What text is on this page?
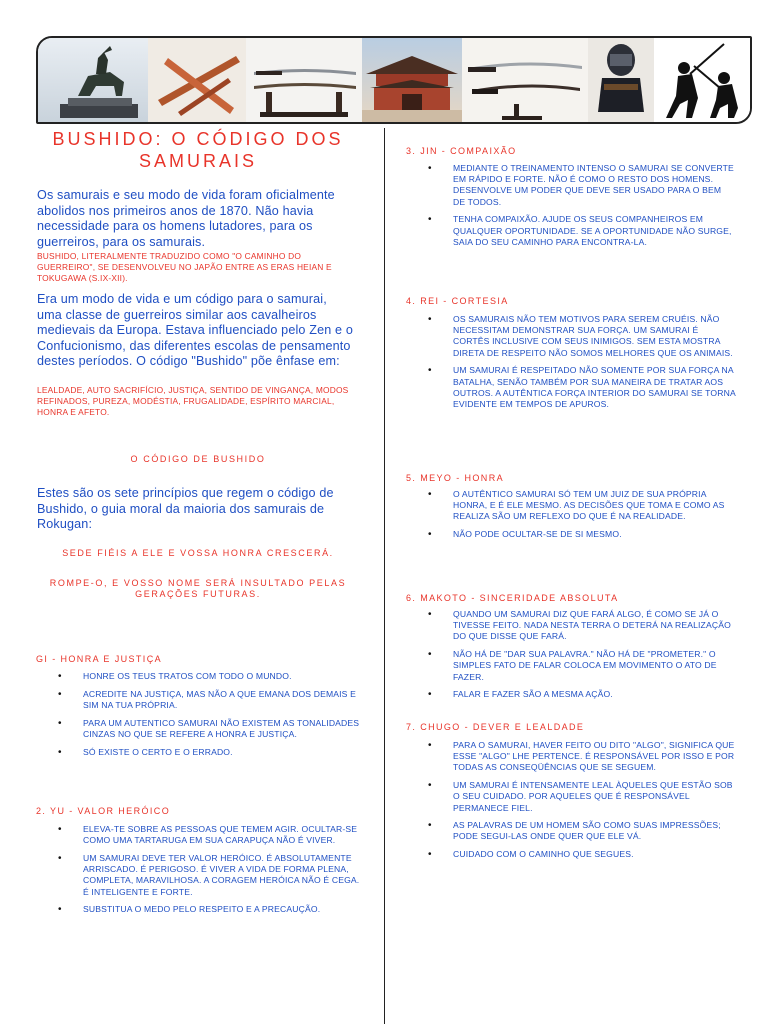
BUSHIDO: O CÓDIGO DOS SAMURAIS

Os samurais e seu modo de vida foram oficialmente abolidos nos primeiros anos de 1870. Não havia necessidade para os homens lutadores, para os guerreiros, para os samurais.

BUSHIDO, LITERALMENTE TRADUZIDO COMO "O CAMINHO DO GUERREIRO", SE DESENVOLVEU NO JAPÃO ENTRE AS ERAS HEIAN E TOKUGAWA (S.IX-XII).

Era um modo de vida e um código para o samurai, uma classe de guerreiros similar aos cavalheiros medievais da Europa. Estava influenciado pelo Zen e o Confucionismo, das diferentes escolas de pensamento destes períodos. O código "Bushido" põe ênfase em:

LEALDADE, AUTO SACRIFÍCIO, JUSTIÇA, SENTIDO DE VINGANÇA, MODOS REFINADOS, PUREZA, MODÉSTIA, FRUGALIDADE, ESPÍRITO MARCIAL, HONRA E AFETO.

O CÓDIGO DE BUSHIDO

Estes são os sete princípios que regem o código de Bushido, o guia moral da maioria dos samurais de Rokugan:

SEDE FIÉIS A ELE E VOSSA HONRA CRESCERÁ.

ROMPE-O, E VOSSO NOME SERÁ INSULTADO PELAS GERAÇÕES FUTURAS.

GI - HONRA E JUSTIÇA

• HONRE OS TEUS TRATOS COM TODO O MUNDO.
• ACREDITE NA JUSTIÇA, MAS NÃO A QUE EMANA DOS DEMAIS E SIM NA TUA PRÓPRIA.
• PARA UM AUTENTICO SAMURAI NÃO EXISTEM AS TONALIDADES CINZAS NO QUE SE REFERE A HONRA E JUSTIÇA.
• SÓ EXISTE O CERTO E O ERRADO.

2. YU - VALOR HERÓICO

• ELEVA-TE SOBRE AS PESSOAS QUE TEMEM AGIR. OCULTAR-SE COMO UMA TARTARUGA EM SUA CARAPUÇA NÃO É VIVER.
• UM SAMURAI DEVE TER VALOR HERÓICO. É ABSOLUTAMENTE ARRISCADO. É PERIGOSO. É VIVER A VIDA DE FORMA PLENA, COMPLETA, MARAVILHOSA. A CORAGEM HERÓICA NÃO É CEGA. É INTELIGENTE E FORTE.
• SUBSTITUA O MEDO PELO RESPEITO E A PRECAUÇÃO.

3. JIN - COMPAIXÃO

• MEDIANTE O TREINAMENTO INTENSO O SAMURAI SE CONVERTE EM RÁPIDO E FORTE. NÃO É COMO O RESTO DOS HOMENS. DESENVOLVE UM PODER QUE DEVE SER USADO PARA O BEM DE TODOS.
• TENHA COMPAIXÃO. AJUDE OS SEUS COMPANHEIROS EM QUALQUER OPORTUNIDADE. SE A OPORTUNIDADE NÃO SURGE, SAIA DO SEU CAMINHO PARA ENCONTRA-LA.

4. REI - CORTESIA

• OS SAMURAIS NÃO TEM MOTIVOS PARA SEREM CRUÉIS. NÃO NECESSITAM DEMONSTRAR SUA FORÇA. UM SAMURAI É CORTÊS INCLUSIVE COM SEUS INIMIGOS. SEM ESTA MOSTRA DIRETA DE RESPEITO NÃO SOMOS MELHORES QUE OS ANIMAIS.
• UM SAMURAI É RESPEITADO NÃO SOMENTE POR SUA FORÇA NA BATALHA, SENÃO TAMBÉM POR SUA MANEIRA DE TRATAR AOS OUTROS. A AUTÊNTICA FORÇA INTERIOR DO SAMURAI SE TORNA EVIDENTE EM TEMPOS DE APUROS.

5. MEYO - HONRA

• O AUTÊNTICO SAMURAI SÓ TEM UM JUIZ DE SUA PRÓPRIA HONRA, E É ELE MESMO. AS DECISÕES QUE TOMA E COMO AS REALIZA SÃO UM REFLEXO DO QUE É NA REALIDADE.
• NÃO PODE OCULTAR-SE DE SI MESMO.

6. MAKOTO - SINCERIDADE ABSOLUTA

• QUANDO UM SAMURAI DIZ QUE FARÁ ALGO, É COMO SE JÁ O TIVESSE FEITO. NADA NESTA TERRA O DETERÁ NA REALIZAÇÃO DO QUE DISSE QUE FARÁ.
• NÃO HÁ DE "DAR SUA PALAVRA." NÃO HÁ DE "PROMETER." O SIMPLES FATO DE FALAR COLOCA EM MOVIMENTO O ATO DE FAZER.
• FALAR E FAZER SÃO A MESMA AÇÃO.

7. CHUGO - DEVER E LEALDADE

• PARA O SAMURAI, HAVER FEITO OU DITO "ALGO", SIGNIFICA QUE ESSE "ALGO" LHE PERTENCE. É RESPONSÁVEL POR ISSO E POR TODAS AS CONSEQÜÊNCIAS QUE SE SEGUEM.
• UM SAMURAI É INTENSAMENTE LEAL ÀQUELES QUE ESTÃO SOB O SEU CUIDADO. POR AQUELES QUE É RESPONSÁVEL PERMANECE FIEL.
• AS PALAVRAS DE UM HOMEM SÃO COMO SUAS IMPRESSÕES; PODE SEGUI-LAS ONDE QUER QUE ELE VÁ.
• CUIDADO COM O CAMINHO QUE SEGUES.
